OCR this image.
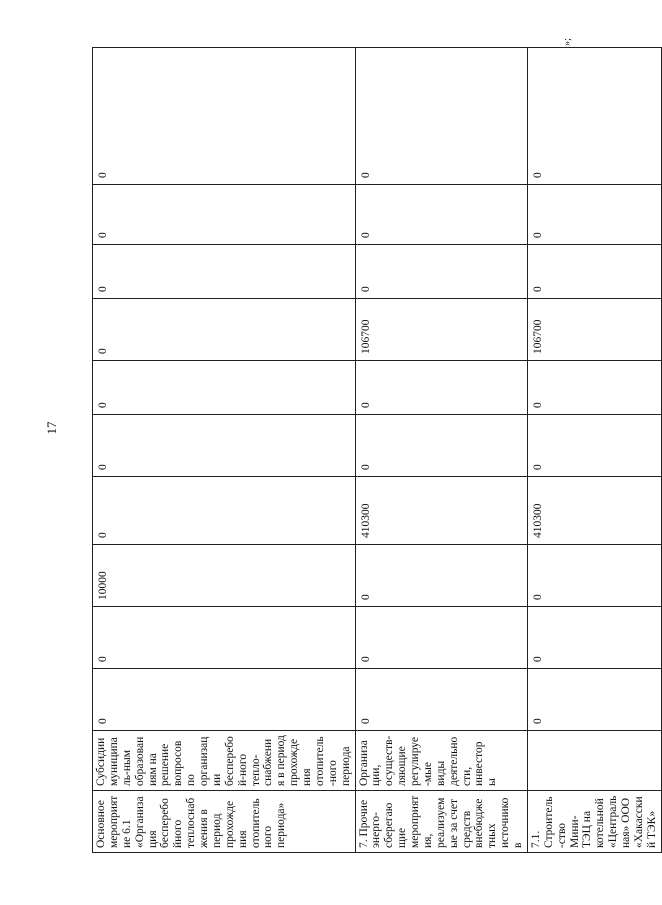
17
»;
Основное мероприятие 6.1 «Организация бесперебойного теплоснабжения в период прохождения отопительного периода»	Субсидии муниципаль-ным образованиям на решение вопросов по организации бесперебой-ного тепло-снабжения в период прохождения отопитель-ного периода	0	0	10000	0	0	0	0	0	0	0
7. Прочие энерго-сберегающие мероприятия, реализуемые за счет средств внебюджетных источников	Организации, осуществ-ляющие регулируе-мые виды деятельности, инвесторы	0	0	0	410300	0	0	106700	0	0	0
7.1. Строитель-ство Мини-ТЭЦ на котельной «Центральная» ООО «Хакасский ТЭК»		0	0	0	410300	0	0	106700	0	0	0
